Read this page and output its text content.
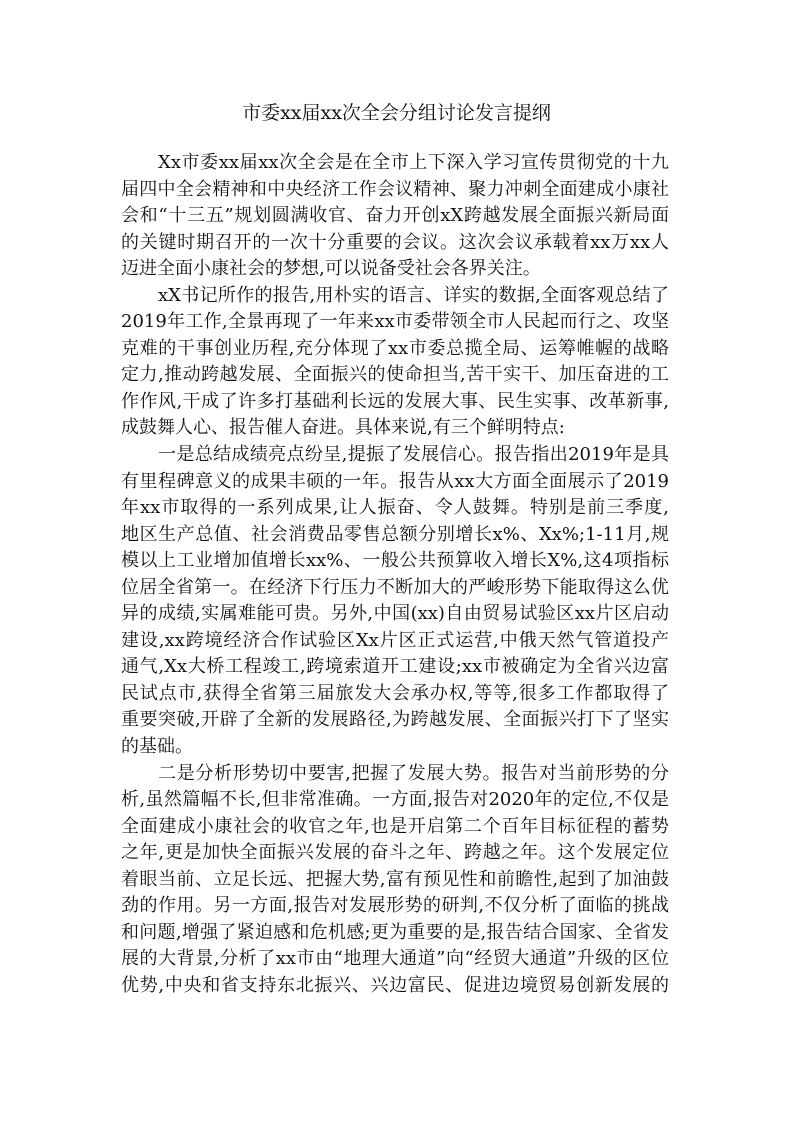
市委xx届xx次全会分组讨论发言提纲
Xx市委xx届xx次全会是在全市上下深入学习宣传贯彻党的十九
届四中全会精神和中央经济工作会议精神、聚力冲刺全面建成小康社
会和“十三五”规划圆满收官、奋力开创xX跨越发展全面振兴新局面
的关键时期召开的一次十分重要的会议。这次会议承载着xx万xx人
迈进全面小康社会的梦想,可以说备受社会各界关注。
xX书记所作的报告,用朴实的语言、详实的数据,全面客观总结了
2019年工作,全景再现了一年来xx市委带领全市人民起而行之、攻坚
克难的干事创业历程,充分体现了xx市委总揽全局、运筹帷幄的战略
定力,推动跨越发展、全面振兴的使命担当,苦干实干、加压奋进的工
作作风,干成了许多打基础利长远的发展大事、民生实事、改革新事,
成鼓舞人心、报告催人奋进。具体来说,有三个鲜明特点:
一是总结成绩亮点纷呈,提振了发展信心。报告指出2019年是具
有里程碑意义的成果丰硕的一年。报告从xx大方面全面展示了2019
年xx市取得的一系列成果,让人振奋、令人鼓舞。特别是前三季度,
地区生产总值、社会消费品零售总额分别增长x%、Xx%;1-11月,规
模以上工业增加值增长xx%、一般公共预算收入增长X%,这4项指标
位居全省第一。在经济下行压力不断加大的严峻形势下能取得这么优
异的成绩,实属难能可贵。另外,中国(xx)自由贸易试验区xx片区启动
建设,xx跨境经济合作试验区Xx片区正式运营,中俄天然气管道投产
通气,Xx大桥工程竣工,跨境索道开工建设;xx市被确定为全省兴边富
民试点市,获得全省第三届旅发大会承办权,等等,很多工作都取得了
重要突破,开辟了全新的发展路径,为跨越发展、全面振兴打下了坚实
的基础。
二是分析形势切中要害,把握了发展大势。报告对当前形势的分
析,虽然篇幅不长,但非常准确。一方面,报告对2020年的定位,不仅是
全面建成小康社会的收官之年,也是开启第二个百年目标征程的蓄势
之年,更是加快全面振兴发展的奋斗之年、跨越之年。这个发展定位
着眼当前、立足长远、把握大势,富有预见性和前瞻性,起到了加油鼓
劲的作用。另一方面,报告对发展形势的研判,不仅分析了面临的挑战
和问题,增强了紧迫感和危机感;更为重要的是,报告结合国家、全省发
展的大背景,分析了xx市由“地理大通道”向“经贸大通道”升级的区位
优势,中央和省支持东北振兴、兴边富民、促进边境贸易创新发展的
